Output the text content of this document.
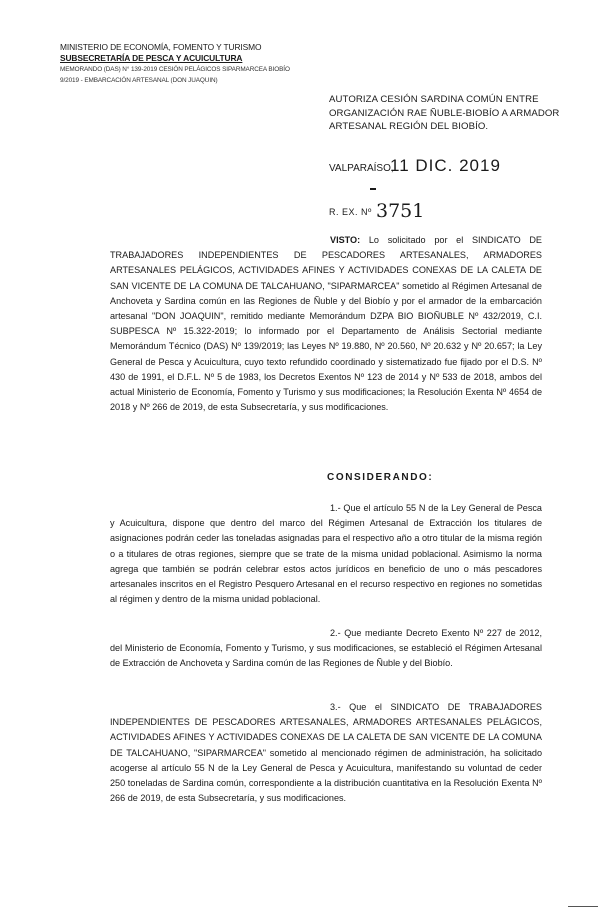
MINISTERIO DE ECONOMÍA, FOMENTO Y TURISMO
SUBSECRETARÍA DE PESCA Y ACUICULTURA
MEMORANDO (DAS) N° 139-2019 CESIÓN PELÁGICOS SIPARMARCEA BIOBÍO
9/2019 - EMBARCACIÓN ARTESANAL (DON JUAQUIN)
AUTORIZA CESIÓN SARDINA COMÚN ENTRE ORGANIZACIÓN RAE ÑUBLE-BIOBÍO A ARMADOR ARTESANAL REGIÓN DEL BIOBÍO.
VALPARAÍSO,
11 DIC. 2019
R. EX. Nº 3751
VISTO: Lo solicitado por el SINDICATO DE TRABAJADORES INDEPENDIENTES DE PESCADORES ARTESANALES, ARMADORES ARTESANALES PELÁGICOS, ACTIVIDADES AFINES Y ACTIVIDADES CONEXAS DE LA CALETA DE SAN VICENTE DE LA COMUNA DE TALCAHUANO, "SIPARMARCEA" sometido al Régimen Artesanal de Anchoveta y Sardina común en las Regiones de Ñuble y del Biobío y por el armador de la embarcación artesanal "DON JOAQUIN", remitido mediante Memorándum DZPA BIO BIOÑUBLE Nº 432/2019, C.I. SUBPESCA Nº 15.322-2019; lo informado por el Departamento de Análisis Sectorial mediante Memorándum Técnico (DAS) Nº 139/2019; las Leyes Nº 19.880, Nº 20.560, Nº 20.632 y Nº 20.657; la Ley General de Pesca y Acuicultura, cuyo texto refundido coordinado y sistematizado fue fijado por el D.S. Nº 430 de 1991, el D.F.L. Nº 5 de 1983, los Decretos Exentos Nº 123 de 2014 y Nº 533 de 2018, ambos del actual Ministerio de Economía, Fomento y Turismo y sus modificaciones; la Resolución Exenta Nº 4654 de 2018 y Nº 266 de 2019, de esta Subsecretaría, y sus modificaciones.
CONSIDERANDO:
1.- Que el artículo 55 N de la Ley General de Pesca y Acuicultura, dispone que dentro del marco del Régimen Artesanal de Extracción los titulares de asignaciones podrán ceder las toneladas asignadas para el respectivo año a otro titular de la misma región o a titulares de otras regiones, siempre que se trate de la misma unidad poblacional. Asimismo la norma agrega que también se podrán celebrar estos actos jurídicos en beneficio de uno o más pescadores artesanales inscritos en el Registro Pesquero Artesanal en el recurso respectivo en regiones no sometidas al régimen y dentro de la misma unidad poblacional.
2.- Que mediante Decreto Exento Nº 227 de 2012, del Ministerio de Economía, Fomento y Turismo, y sus modificaciones, se estableció el Régimen Artesanal de Extracción de Anchoveta y Sardina común de las Regiones de Ñuble y del Biobío.
3.- Que el SINDICATO DE TRABAJADORES INDEPENDIENTES DE PESCADORES ARTESANALES, ARMADORES ARTESANALES PELÁGICOS, ACTIVIDADES AFINES Y ACTIVIDADES CONEXAS DE LA CALETA DE SAN VICENTE DE LA COMUNA DE TALCAHUANO, "SIPARMARCEA" sometido al mencionado régimen de administración, ha solicitado acogerse al artículo 55 N de la Ley General de Pesca y Acuicultura, manifestando su voluntad de ceder 250 toneladas de Sardina común, correspondiente a la distribución cuantitativa en la Resolución Exenta Nº 266 de 2019, de esta Subsecretaría, y sus modificaciones.
